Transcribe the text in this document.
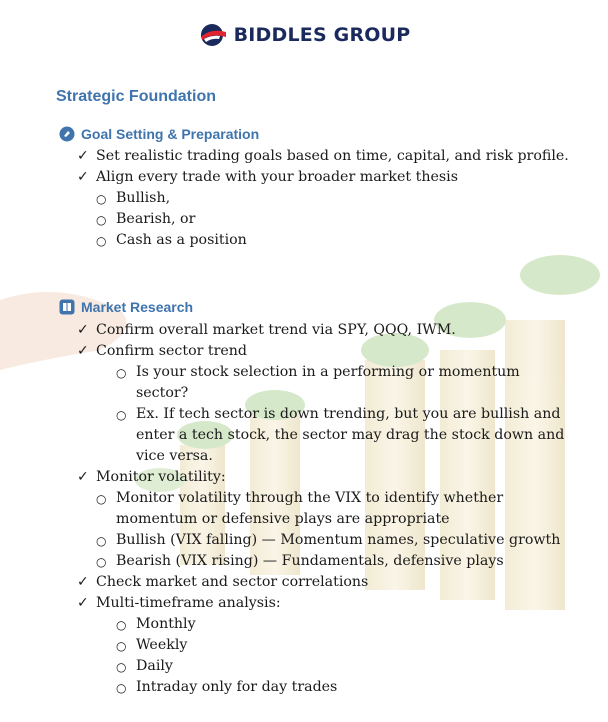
BIDDLES GROUP
Strategic Foundation
Goal Setting & Preparation
✓ Set realistic trading goals based on time, capital, and risk profile.
✓ Align every trade with your broader market thesis
○ Bullish,
○ Bearish, or
○ Cash as a position
Market Research
✓ Confirm overall market trend via SPY, QQQ, IWM.
✓ Confirm sector trend
○ Is your stock selection in a performing or momentum
sector?
○ Ex. If tech sector is down trending, but you are bullish and
enter a tech stock, the sector may drag the stock down and
vice versa.
✓ Monitor volatility:
○ Monitor volatility through the VIX to identify whether
momentum or defensive plays are appropriate
○ Bullish (VIX falling) — Momentum names, speculative growth
○ Bearish (VIX rising) — Fundamentals, defensive plays
✓ Check market and sector correlations
✓ Multi-timeframe analysis:
○ Monthly
○ Weekly
○ Daily
○ Intraday only for day trades
